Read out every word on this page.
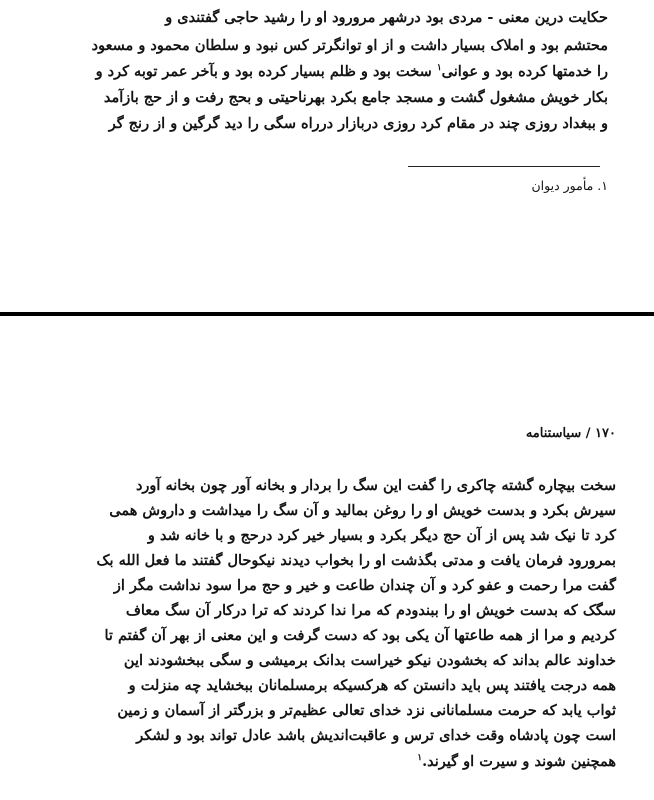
حکایت درین معنی - مردی بود درشهر مرورود او را رشید حاجی گفتندی و
محتشم بود و املاک بسیار داشت و از او توانگرتر کس نبود و سلطان محمود و مسعود
را خدمتها کرده بود و عوانی$^۱$ سخت بود و ظلم بسیار کرده بود و بآخر عمر توبه کرد و
بکار خویش مشغول گشت و مسجد جامع بکرد بهرناحیتی و بحج رفت و از حج بازآمد
و ببغداد روزی چند در مقام کرد روزی دربازار درراه سگی را دید گرگین و از رنج گر
۱. مأمور دیوان
۱۷۰ / سیاستنامه
سخت بیچاره گشته چاکری را گفت این سگ را بردار و بخانه آور چون بخانه آورد
سیرش بکرد و بدست خویش او را روغن بمالید و آن سگ را میداشت و داروش همی
کرد تا نیک شد پس از آن حج دیگر بکرد و بسیار خیر کرد درحج و با خانه شد و
بمرورود فرمان یافت و مدتی بگذشت او را بخواب دیدند نیکوحال گفتند ما فعل الله بک
گفت مرا رحمت و عفو کرد و آن چندان طاعت و خیر و حج مرا سود نداشت مگر از
سگک که بدست خویش او را ببندودم که مرا ندا کردند که ترا درکار آن سگ معاف
کردیم و مرا از همه طاعتها آن یکی بود که دست گرفت و این معنی از بهر آن گفتم تا
خداوند عالم بداند که بخشودن نیکو خیراست بدانک برمیشی و سگی ببخشودند این
همه درجت یافتند پس باید دانستن که هرکسیکه برمسلمانان ببخشاید چه منزلت و
ثواب یابد که حرمت مسلمانانی نزد خدای تعالی عظیم‌تر و بزرگتر از آسمان و زمین
است چون پادشاه وقت خدای ترس و عاقبت‌اندیش باشد عادل تواند بود و لشکر
همچنین شوند و سیرت او گیرند.$^۱$
